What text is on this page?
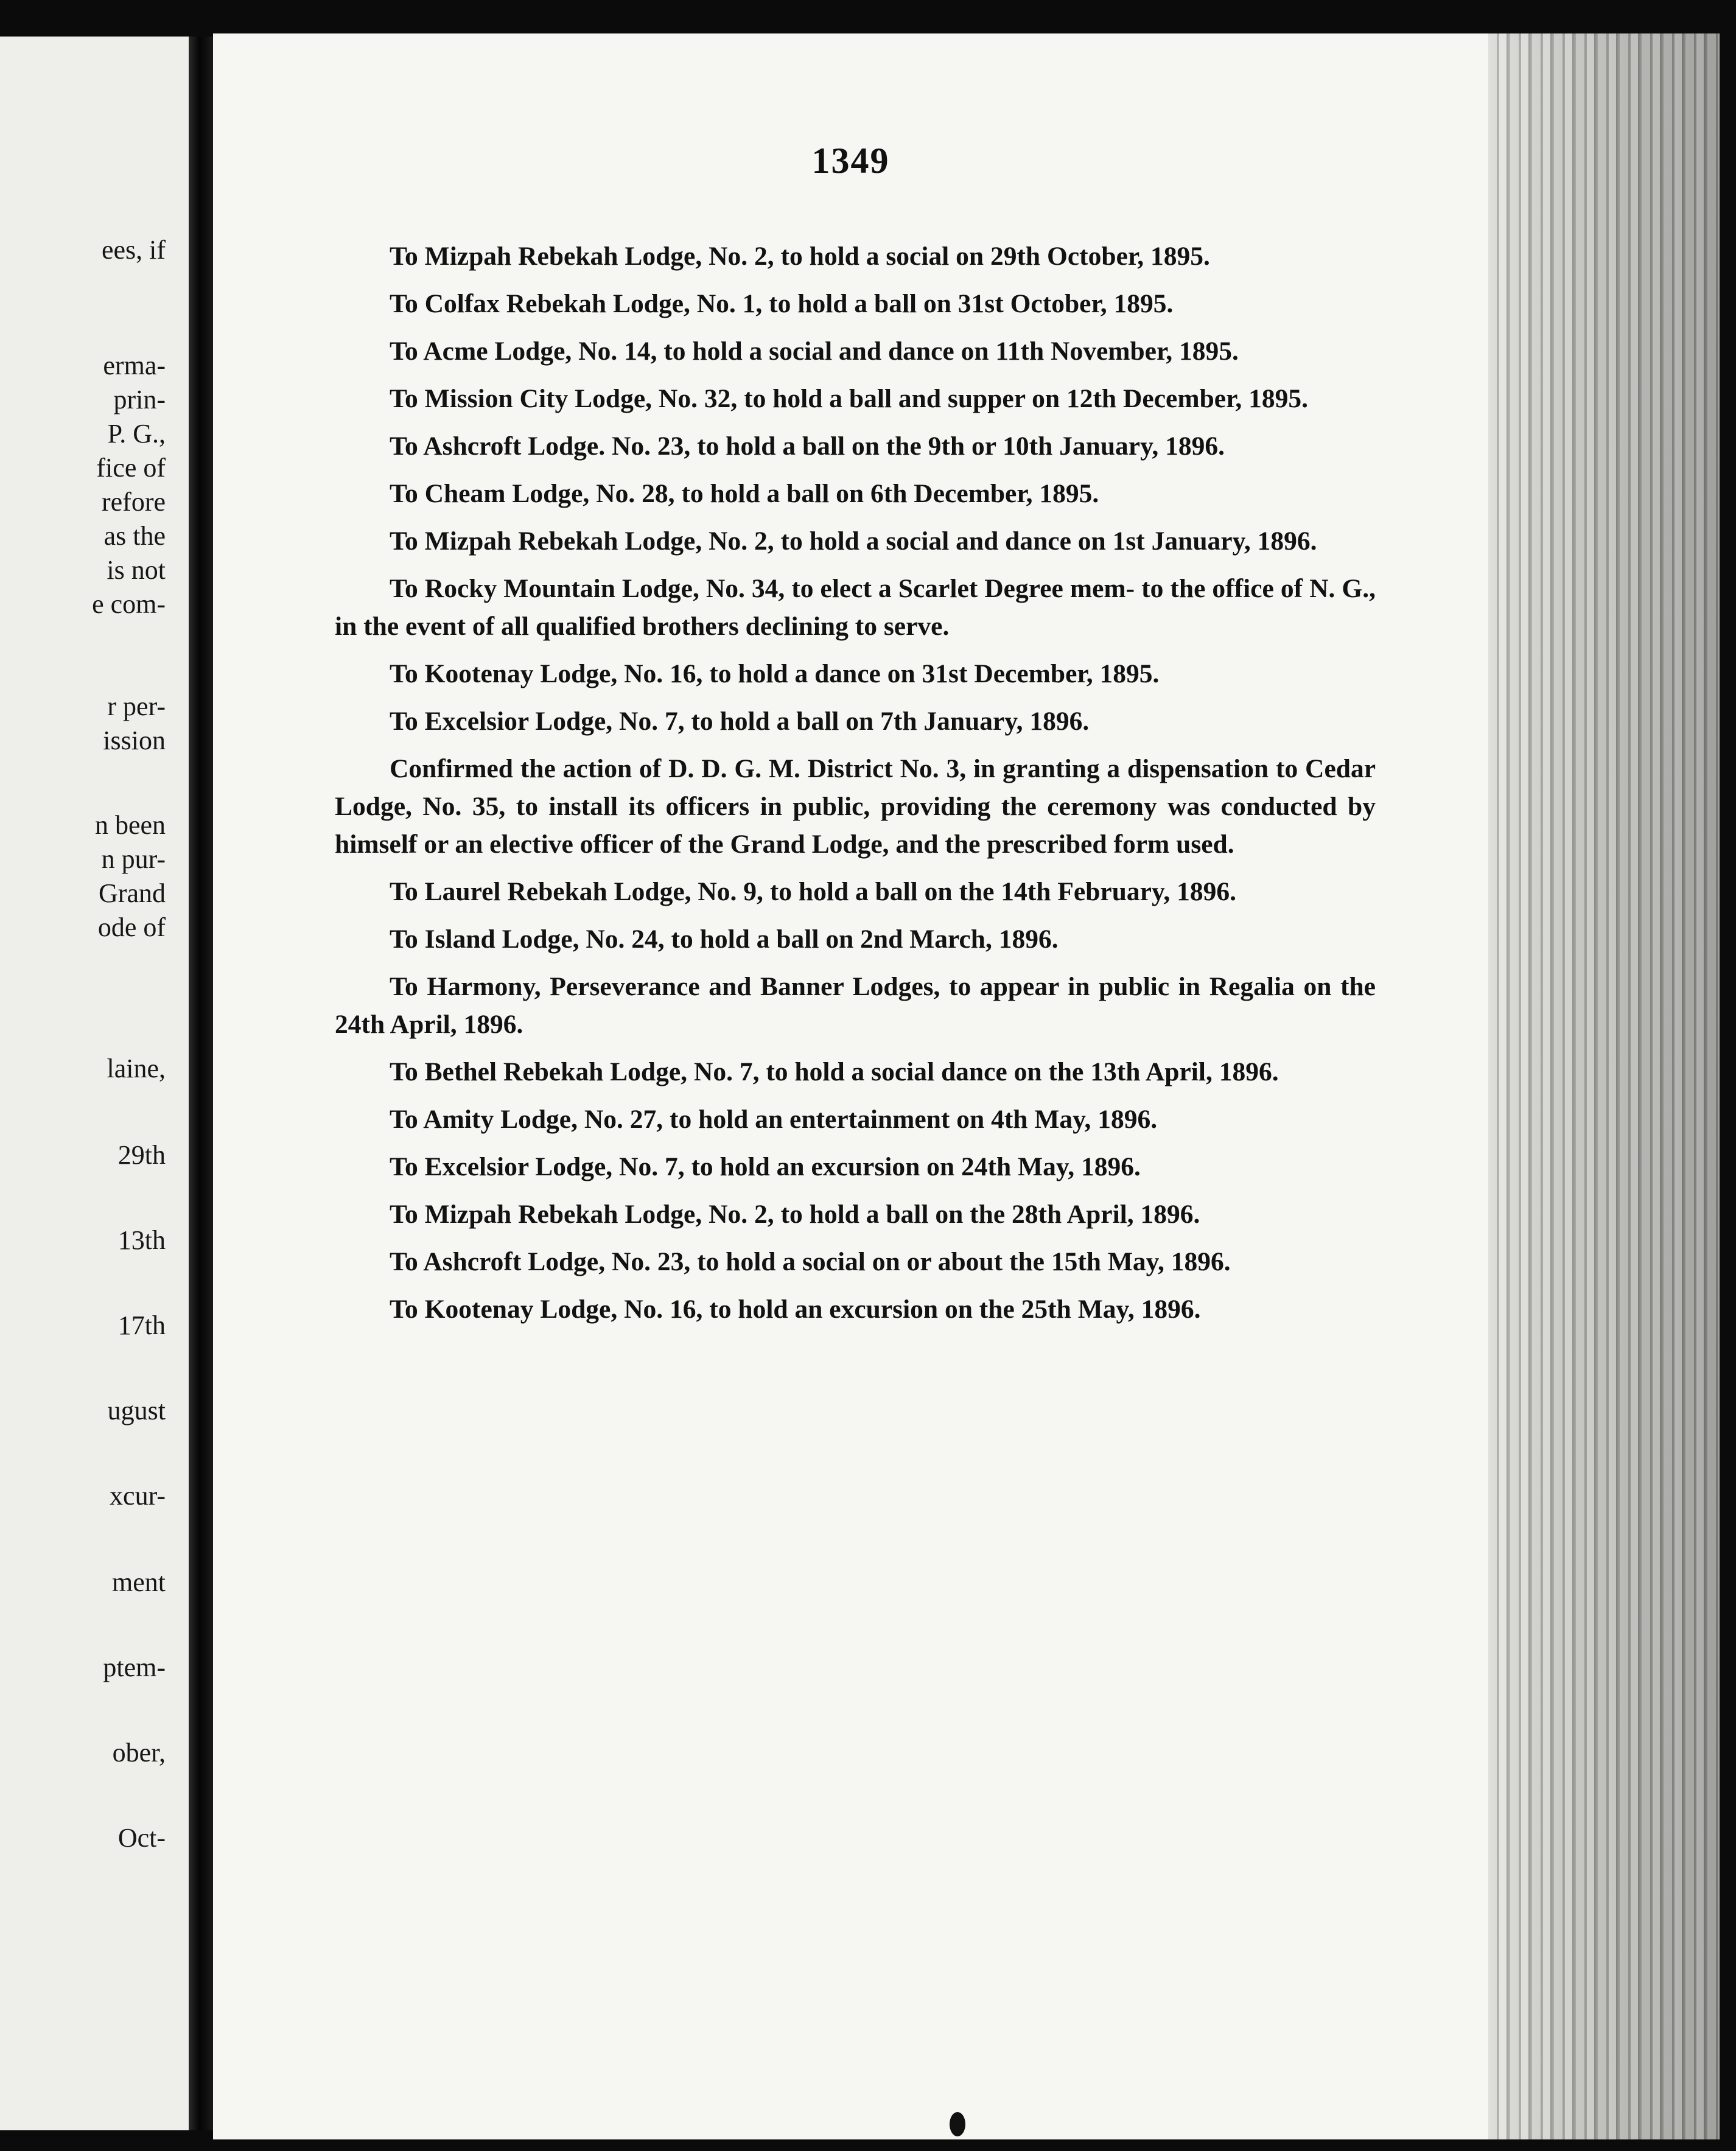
ees, if
erma-
prin-
P. G.,
fice of
refore
as the
is not
e com-
r per-
ission
n been
n pur-
Grand
ode of
laine,
29th
13th
17th
ugust
xcur-
ment
ptem-
ober,
Oct-
1349

To Mizpah Rebekah Lodge, No. 2, to hold a social on 29th October, 1895.

To Colfax Rebekah Lodge, No. 1, to hold a ball on 31st October, 1895.

To Acme Lodge, No. 14, to hold a social and dance on 11th November, 1895.

To Mission City Lodge, No. 32, to hold a ball and supper on 12th December, 1895.

To Ashcroft Lodge. No. 23, to hold a ball on the 9th or 10th January, 1896.

To Cheam Lodge, No. 28, to hold a ball on 6th December, 1895.

To Mizpah Rebekah Lodge, No. 2, to hold a social and dance on 1st January, 1896.

To Rocky Mountain Lodge, No. 34, to elect a Scarlet Degree mem- to the office of N. G., in the event of all qualified brothers declining to serve.

To Kootenay Lodge, No. 16, to hold a dance on 31st December, 1895.

To Excelsior Lodge, No. 7, to hold a ball on 7th January, 1896.

Confirmed the action of D. D. G. M. District No. 3, in granting a dispensation to Cedar Lodge, No. 35, to install its officers in public, providing the ceremony was conducted by himself or an elective officer of the Grand Lodge, and the prescribed form used.

To Laurel Rebekah Lodge, No. 9, to hold a ball on the 14th February, 1896.

To Island Lodge, No. 24, to hold a ball on 2nd March, 1896.

To Harmony, Perseverance and Banner Lodges, to appear in public in Regalia on the 24th April, 1896.

To Bethel Rebekah Lodge, No. 7, to hold a social dance on the 13th April, 1896.

To Amity Lodge, No. 27, to hold an entertainment on 4th May, 1896.

To Excelsior Lodge, No. 7, to hold an excursion on 24th May, 1896.

To Mizpah Rebekah Lodge, No. 2, to hold a ball on the 28th April, 1896.

To Ashcroft Lodge, No. 23, to hold a social on or about the 15th May, 1896.

To Kootenay Lodge, No. 16, to hold an excursion on the 25th May, 1896.
